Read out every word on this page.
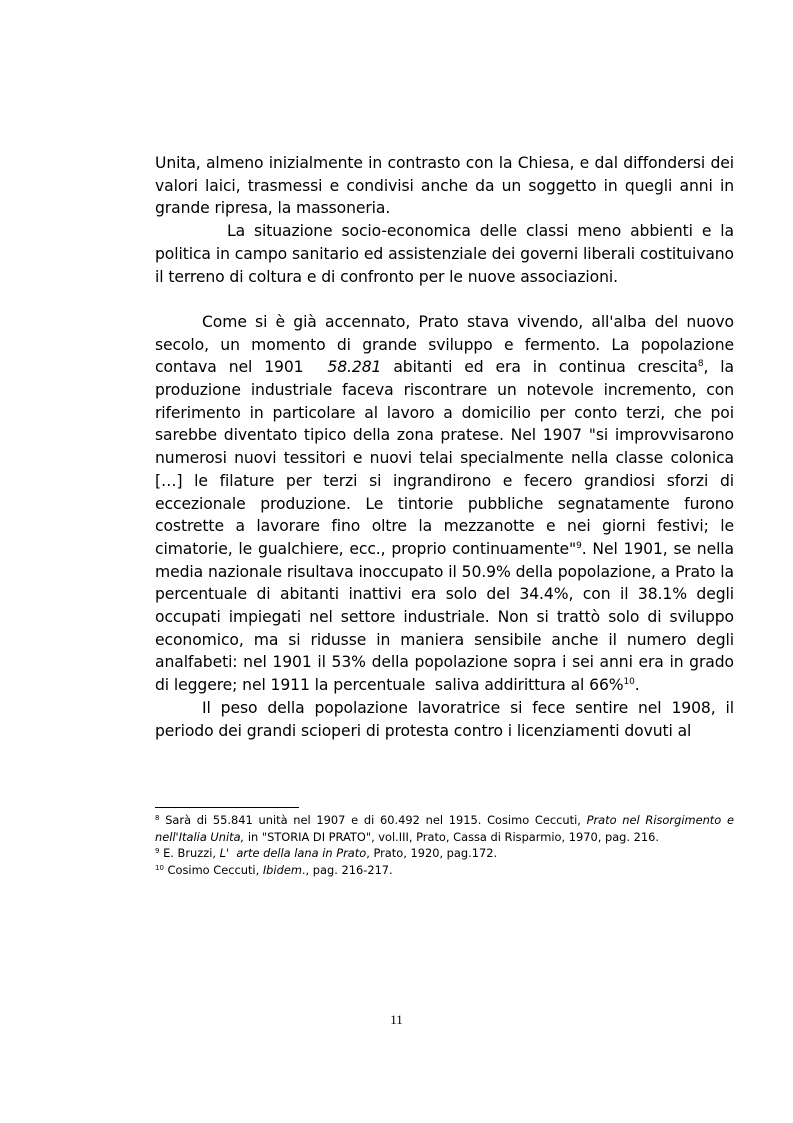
Unita, almeno inizialmente in contrasto con la Chiesa, e dal diffondersi dei valori laici, trasmessi e condivisi anche da un soggetto in quegli anni in grande ripresa, la massoneria.

La situazione socio-economica delle classi meno abbienti e la politica in campo sanitario ed assistenziale dei governi liberali costituivano il terreno di coltura e di confronto per le nuove associazioni.

Come si è già accennato, Prato stava vivendo, all'alba del nuovo secolo, un momento di grande sviluppo e fermento. La popolazione contava nel 1901  58.281 abitanti ed era in continua crescita$^8$, la produzione industriale faceva riscontrare un notevole incremento, con riferimento in particolare al lavoro a domicilio per conto terzi, che poi sarebbe diventato tipico della zona pratese. Nel 1907 "si improvvisarono numerosi nuovi tessitori e nuovi telai specialmente nella classe colonica […] le filature per terzi si ingrandirono e fecero grandiosi sforzi di eccezionale produzione. Le tintorie pubbliche segnatamente furono costrette a lavorare fino oltre la mezzanotte e nei giorni festivi; le cimatorie, le gualchiere, ecc., proprio continuamente"$^9$. Nel 1901, se nella media nazionale risultava inoccupato il 50.9% della popolazione, a Prato la percentuale di abitanti inattivi era solo del 34.4%, con il 38.1% degli occupati impiegati nel settore industriale. Non si trattò solo di sviluppo economico, ma si ridusse in maniera sensibile anche il numero degli analfabeti: nel 1901 il 53% della popolazione sopra i sei anni era in grado di leggere; nel 1911 la percentuale  saliva addirittura al 66%$^{10}$.

Il peso della popolazione lavoratrice si fece sentire nel 1908, il periodo dei grandi scioperi di protesta contro i licenziamenti dovuti al

$^8$ Sarà di 55.841 unità nel 1907 e di 60.492 nel 1915. Cosimo Ceccuti, Prato nel Risorgimento e nell'Italia Unita, in "STORIA DI PRATO", vol.III, Prato, Cassa di Risparmio, 1970, pag. 216.

$^9$ E. Bruzzi, L'  arte della lana in Prato, Prato, 1920, pag.172.

$^{10}$ Cosimo Ceccuti, Ibidem., pag. 216-217.

11
